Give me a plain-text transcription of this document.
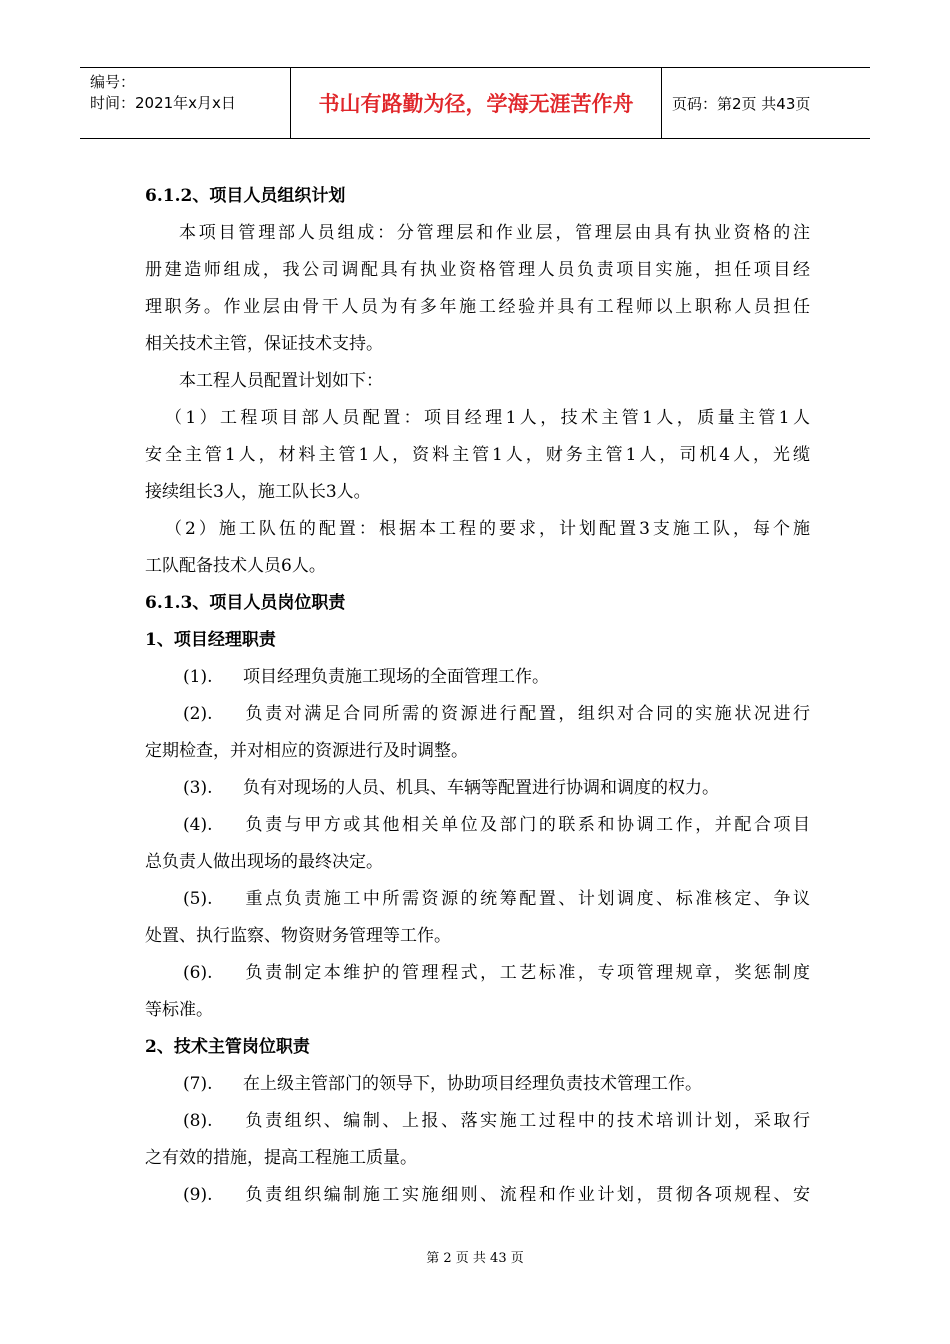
编号：
时间：2021年x月x日	书山有路勤为径，学海无涯苦作舟	页码：第2页 共43页
6.1.2、项目人员组织计划
本项目管理部人员组成：分管理层和作业层，管理层由具有执业资格的注
册建造师组成，我公司调配具有执业资格管理人员负责项目实施，担任项目经
理职务。作业层由骨干人员为有多年施工经验并具有工程师以上职称人员担任
相关技术主管，保证技术支持。
本工程人员配置计划如下：
（1）工程项目部人员配置：项目经理1人，技术主管1人，质量主管1人
安全主管1人，材料主管1人，资料主管1人，财务主管1人，司机4人，光缆
接续组长3人，施工队长3人。
（2）施工队伍的配置：根据本工程的要求，计划配置3支施工队，每个施
工队配备技术人员6人。
6.1.3、项目人员岗位职责
1、项目经理职责
(1). 项目经理负责施工现场的全面管理工作。
(2). 负责对满足合同所需的资源进行配置，组织对合同的实施状况进行
定期检查，并对相应的资源进行及时调整。
(3). 负有对现场的人员、机具、车辆等配置进行协调和调度的权力。
(4). 负责与甲方或其他相关单位及部门的联系和协调工作，并配合项目
总负责人做出现场的最终决定。
(5). 重点负责施工中所需资源的统筹配置、计划调度、标准核定、争议
处置、执行监察、物资财务管理等工作。
(6). 负责制定本维护的管理程式，工艺标准，专项管理规章，奖惩制度
等标准。
2、技术主管岗位职责
(7). 在上级主管部门的领导下，协助项目经理负责技术管理工作。
(8). 负责组织、编制、上报、落实施工过程中的技术培训计划，采取行
之有效的措施，提高工程施工质量。
(9). 负责组织编制施工实施细则、流程和作业计划，贯彻各项规程、安
第 2 页 共 43 页
